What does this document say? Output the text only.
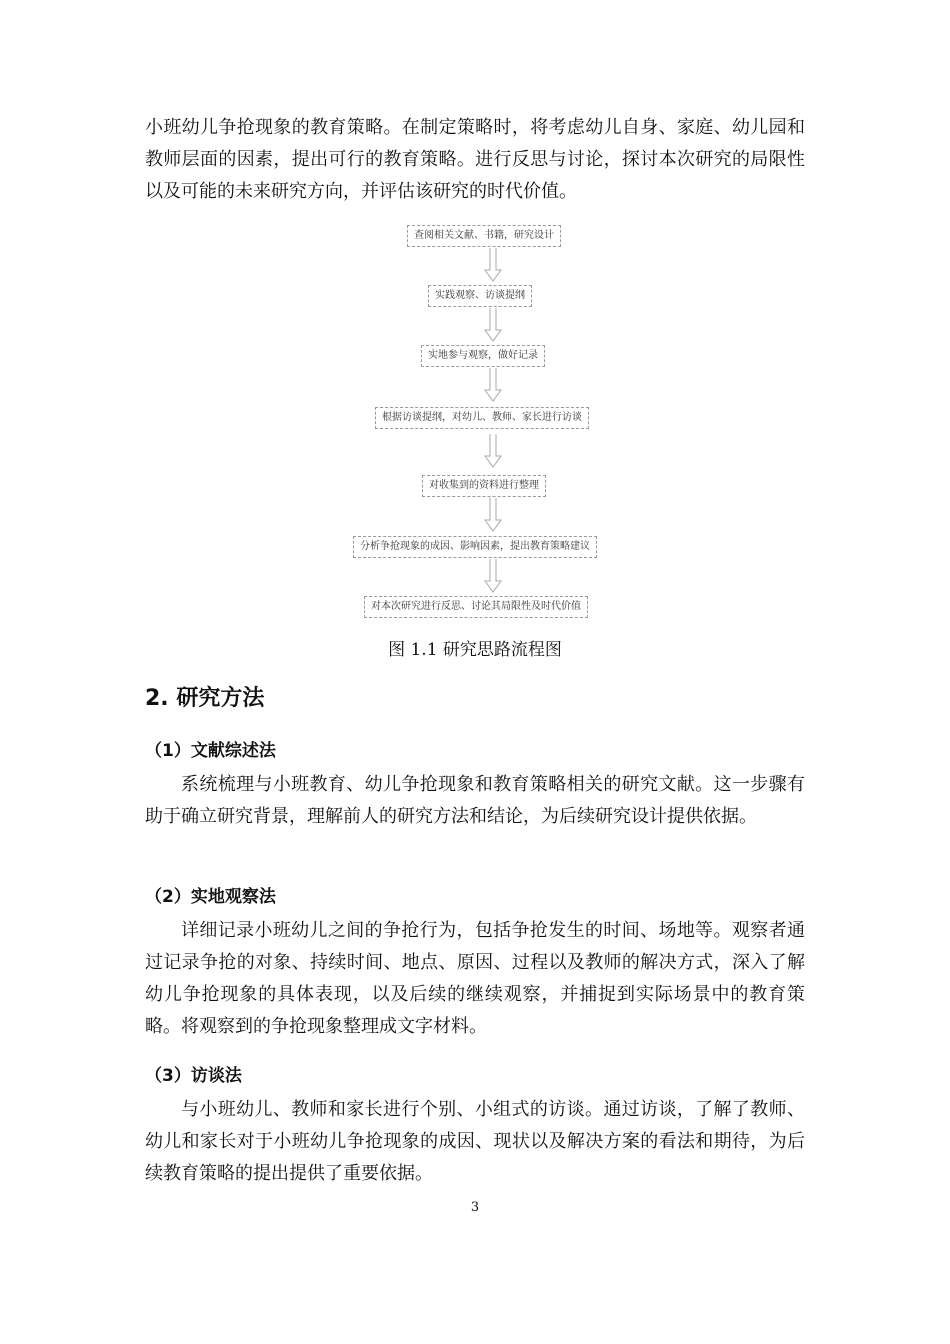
小班幼儿争抢现象的教育策略。在制定策略时，将考虑幼儿自身、家庭、幼儿园和教师层面的因素，提出可行的教育策略。进行反思与讨论，探讨本次研究的局限性以及可能的未来研究方向，并评估该研究的时代价值。

查阅相关文献、书籍，研究设计
实践观察、访谈提纲
实地参与观察，做好记录
根据访谈提纲，对幼儿、教师、家长进行访谈
对收集到的资料进行整理
分析争抢现象的成因、影响因素，提出教育策略建议
对本次研究进行反思、讨论其局限性及时代价值
图 1.1 研究思路流程图
2. 研究方法
（1）文献综述法

系统梳理与小班教育、幼儿争抢现象和教育策略相关的研究文献。这一步骤有助于确立研究背景，理解前人的研究方法和结论，为后续研究设计提供依据。

（2）实地观察法

详细记录小班幼儿之间的争抢行为，包括争抢发生的时间、场地等。观察者通过记录争抢的对象、持续时间、地点、原因、过程以及教师的解决方式，深入了解幼儿争抢现象的具体表现，以及后续的继续观察，并捕捉到实际场景中的教育策略。将观察到的争抢现象整理成文字材料。

（3）访谈法

与小班幼儿、教师和家长进行个别、小组式的访谈。通过访谈，了解了教师、幼儿和家长对于小班幼儿争抢现象的成因、现状以及解决方案的看法和期待，为后续教育策略的提出提供了重要依据。

3
